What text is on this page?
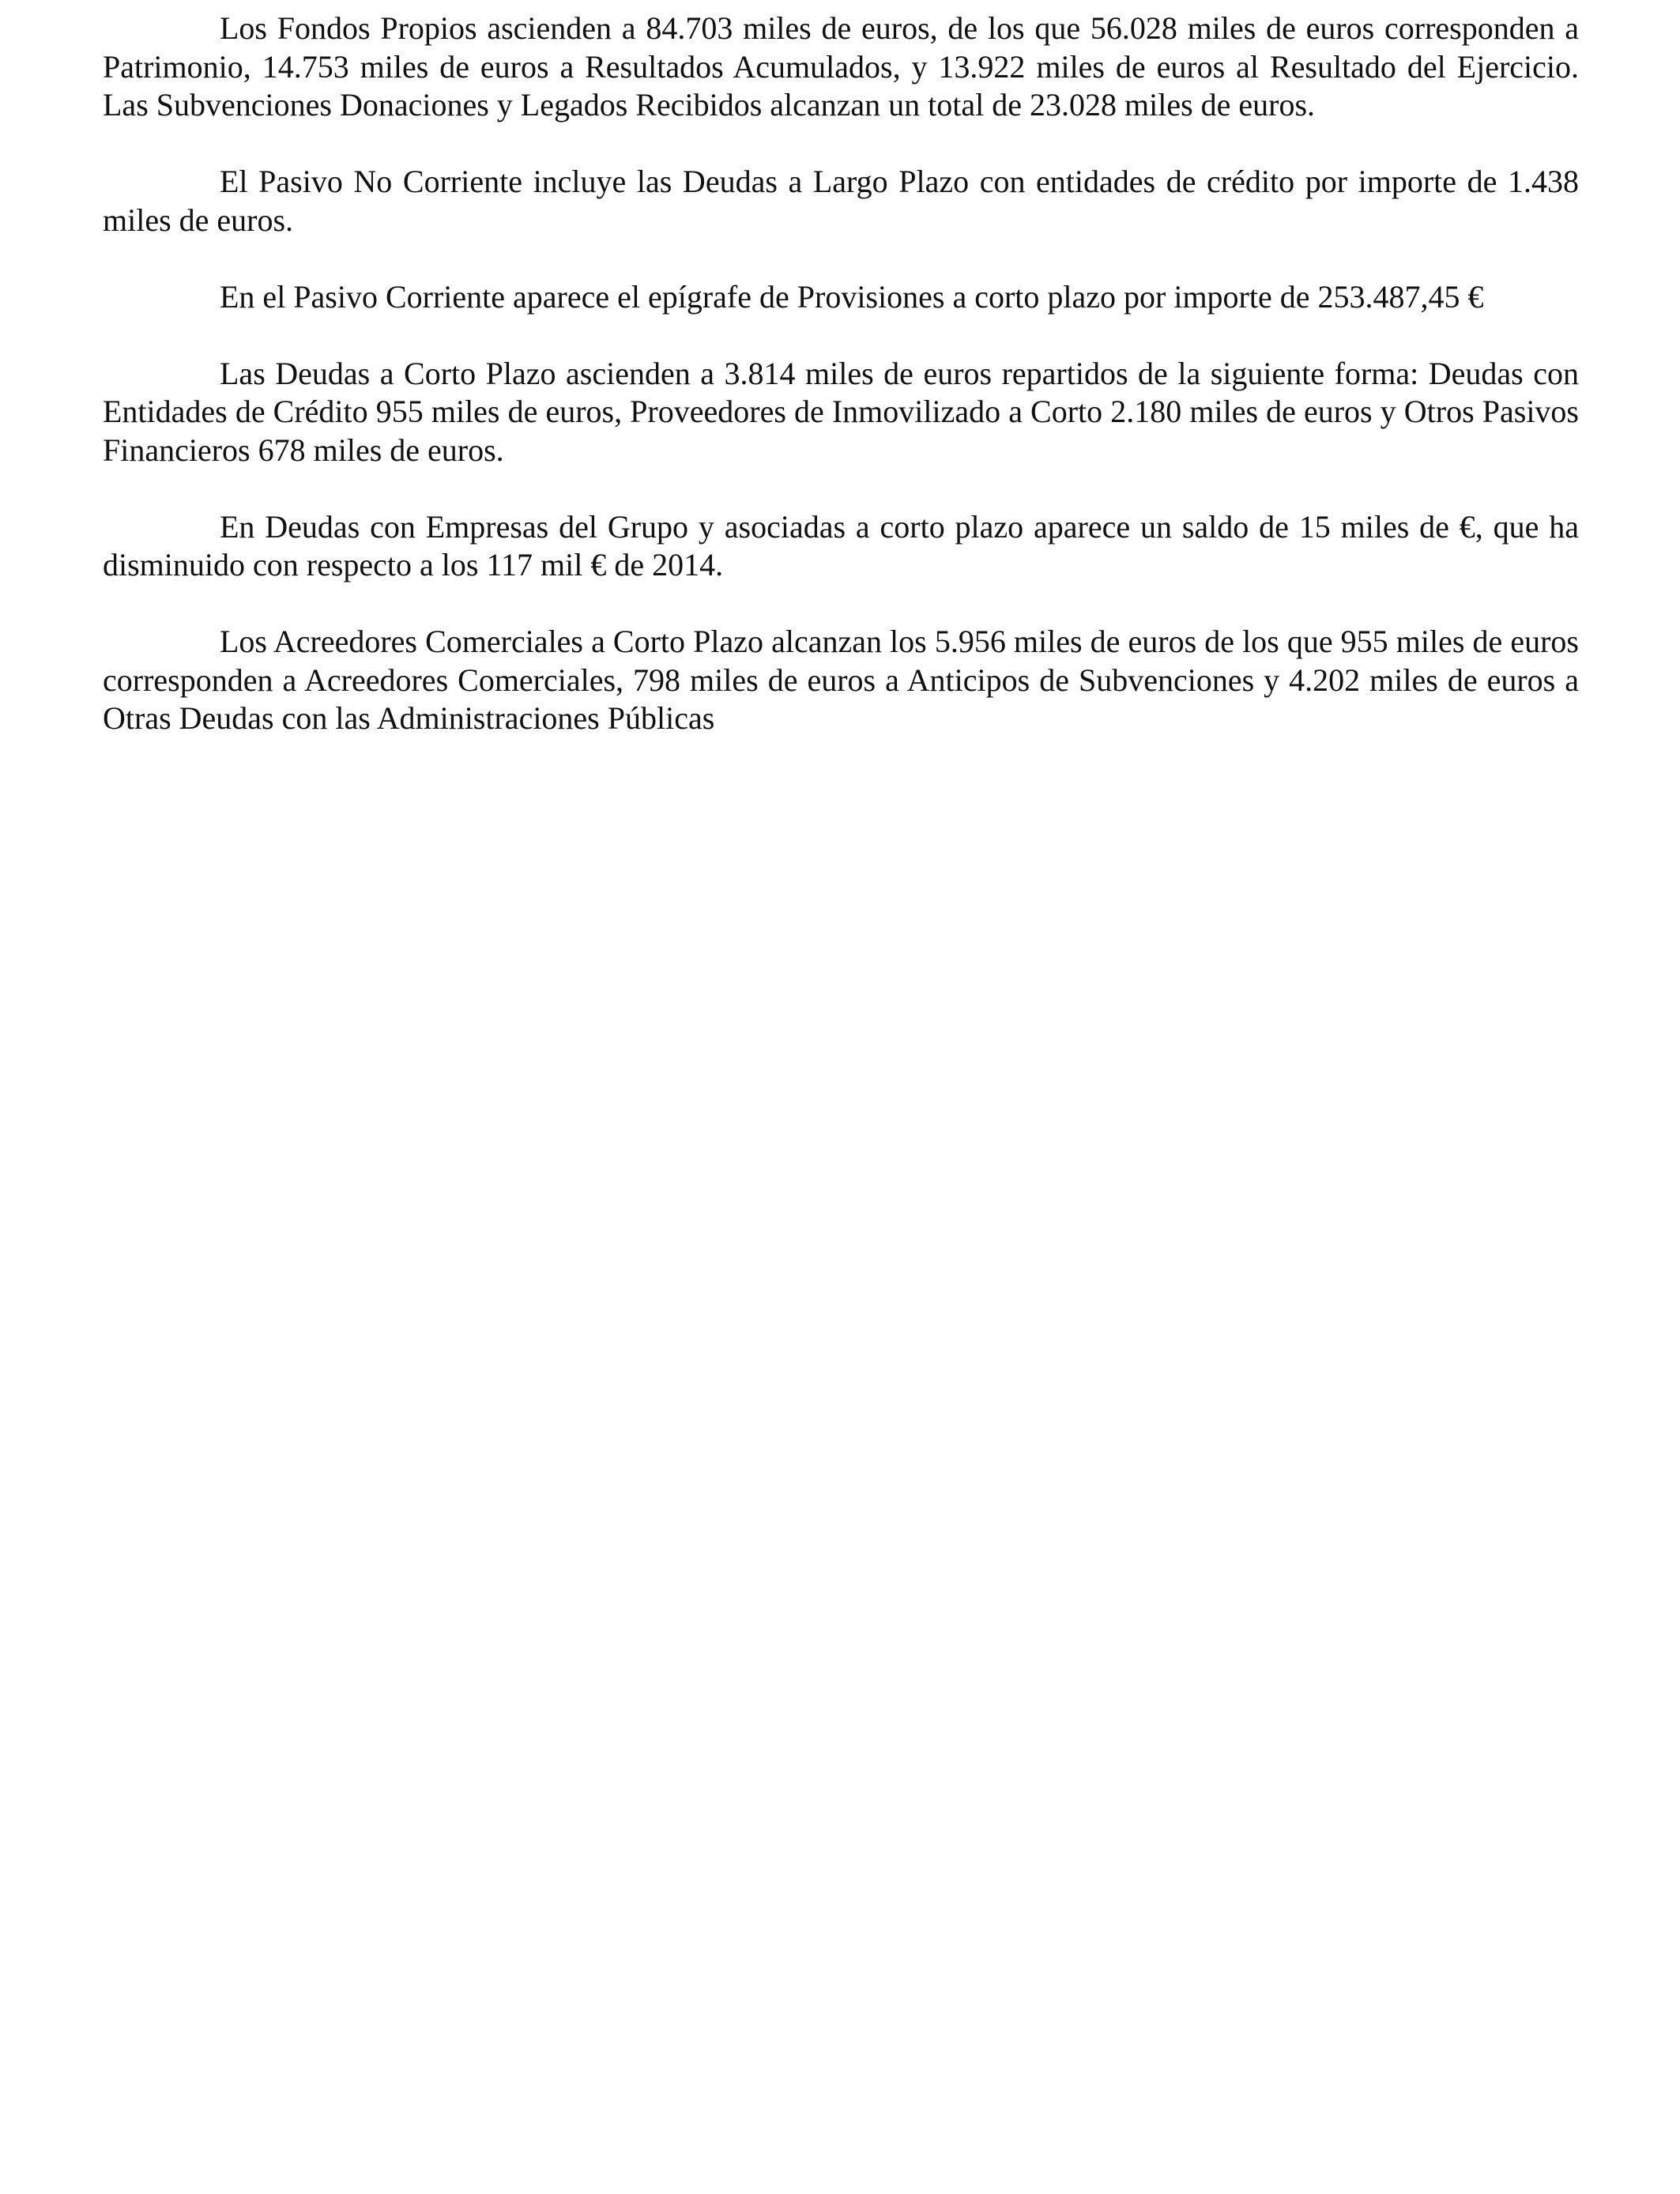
Los Fondos Propios ascienden a 84.703 miles de euros, de los que 56.028 miles de euros corresponden a Patrimonio, 14.753 miles de euros a Resultados Acumulados, y 13.922 miles de euros al Resultado del Ejercicio. Las Subvenciones Donaciones y Legados Recibidos alcanzan un total de 23.028 miles de euros.

El Pasivo No Corriente incluye las Deudas a Largo Plazo con entidades de crédito por importe de 1.438 miles de euros.

En el Pasivo Corriente aparece el epígrafe de Provisiones a corto plazo por importe de 253.487,45 €

Las Deudas a Corto Plazo ascienden a 3.814 miles de euros repartidos de la siguiente forma: Deudas con Entidades de Crédito 955 miles de euros, Proveedores de Inmovilizado a Corto 2.180 miles de euros y Otros Pasivos Financieros 678 miles de euros.

En Deudas con Empresas del Grupo y asociadas a corto plazo aparece un saldo de 15 miles de €, que ha disminuido con respecto a los 117 mil € de 2014.

Los Acreedores Comerciales a Corto Plazo alcanzan los 5.956 miles de euros de los que 955 miles de euros corresponden a Acreedores Comerciales, 798 miles de euros a Anticipos de Subvenciones y 4.202 miles de euros a Otras Deudas con las Administraciones Públicas
